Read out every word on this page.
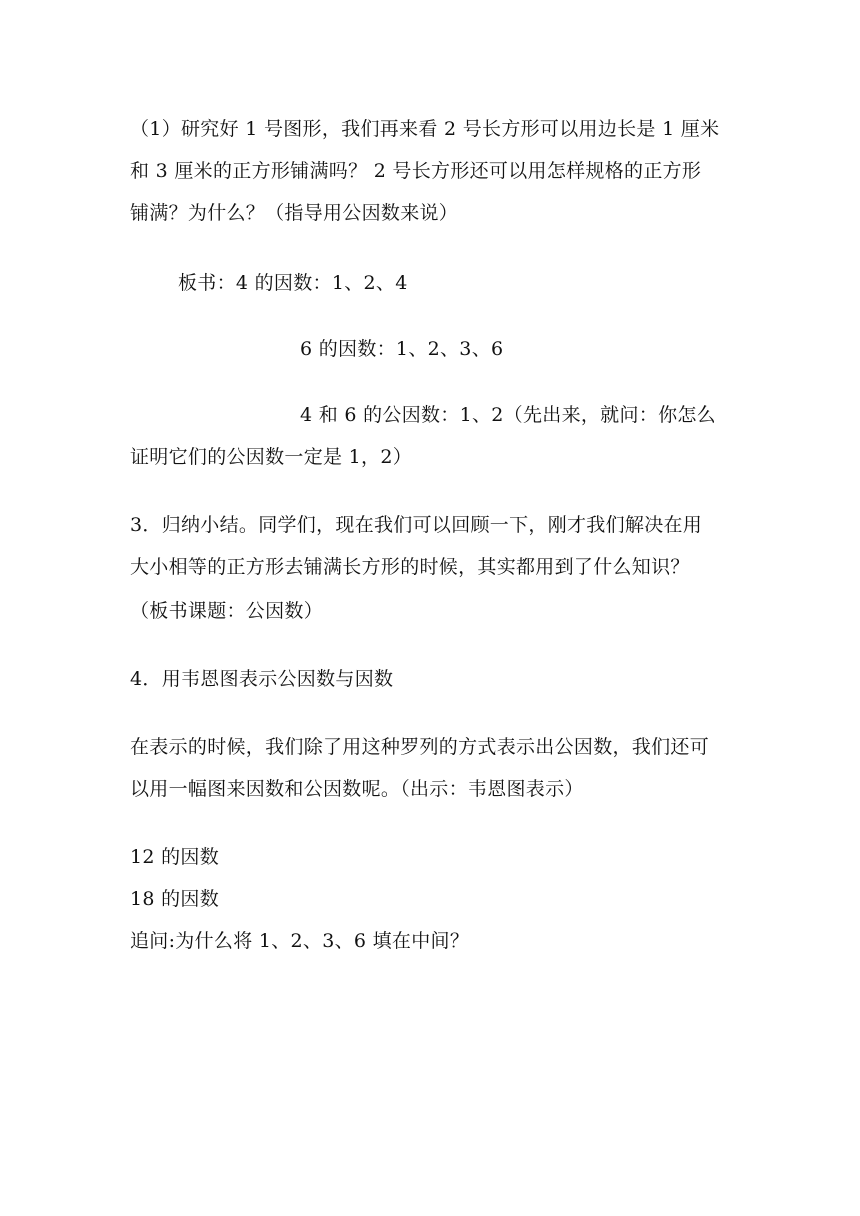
（1）研究好 1 号图形，我们再来看 2 号长方形可以用边长是 1 厘米
和 3 厘米的正方形铺满吗？ 2 号长方形还可以用怎样规格的正方形
铺满？为什么？（指导用公因数来说）
板书：4 的因数：1、2、4
6 的因数：1、2、3、6
4 和 6 的公因数：1、2（先出来，就问：你怎么
证明它们的公因数一定是 1，2）
3．归纳小结。同学们，现在我们可以回顾一下，刚才我们解决在用
大小相等的正方形去铺满长方形的时候，其实都用到了什么知识？
（板书课题：公因数）
4．用韦恩图表示公因数与因数
在表示的时候，我们除了用这种罗列的方式表示出公因数，我们还可
以用一幅图来因数和公因数呢。（出示：韦恩图表示）
12 的因数
18 的因数
追问:为什么将 1、2、3、6 填在中间？
